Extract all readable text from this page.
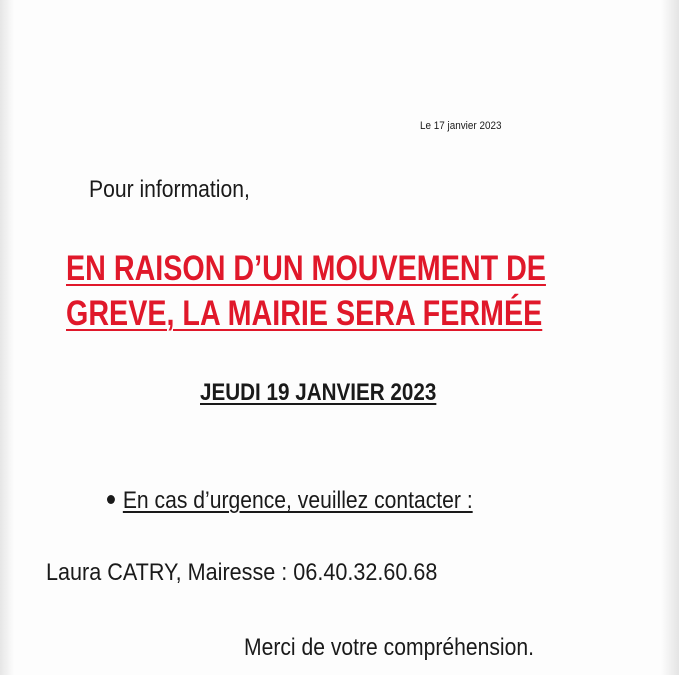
Le 17 janvier 2023
Pour information,
EN RAISON D’UN MOUVEMENT DE
GREVE, LA MAIRIE SERA FERMÉE
JEUDI 19 JANVIER 2023
En cas d’urgence, veuillez contacter :
Laura CATRY, Mairesse : 06.40.32.60.68
Merci de votre compréhension.
